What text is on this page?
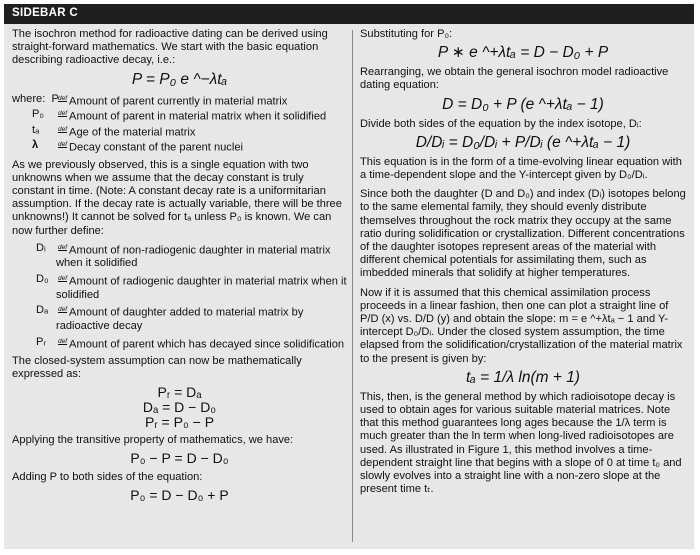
SIDEBAR C

The isochron method for radioactive dating can be derived using straight-forward mathematics. We start with the basic equation describing radioactive decay, i.e.:

P = P₀ e ^−λtₐ
where: P $^{def}$ Amount of parent currently in material matrix
P₀	$^{def}$ Amount of parent in material matrix when it solidified
tₐ	$^{def}$ Age of the material matrix
λ	$^{def}$ Decay constant of the parent nuclei

As we previously observed, this is a single equation with two unknowns when we assume that the decay constant is truly constant in time. (Note: A constant decay rate is a uniformitarian assumption. If the decay rate is actually variable, there will be three unknowns!) It cannot be solved for tₐ unless P₀ is known. We can now further define:

Dᵢ	$^{def}$ Amount of non-radiogenic daughter in material matrix when it solidified
D₀	$^{def}$ Amount of radiogenic daughter in material matrix when it solidified
Dₐ	$^{def}$ Amount of daughter added to material matrix by radioactive decay
Pᵣ	$^{def}$ Amount of parent which has decayed since solidification

The closed-system assumption can now be mathematically expressed as:

Pᵣ = Dₐ
Dₐ = D − D₀
Pᵣ = P₀ − P

Applying the transitive property of mathematics, we have:

P₀ − P = D − D₀

Adding P to both sides of the equation:

P₀ = D − D₀ + P

Substituting for P₀:

P ∗ e ^+λtₐ = D − D₀ + P

Rearranging, we obtain the general isochron model radioactive dating equation:

D = D₀ + P (e ^+λtₐ − 1)

Divide both sides of the equation by the index isotope, Dᵢ:

D/Dᵢ = D₀/Dᵢ + P/Dᵢ (e ^+λtₐ − 1)

This equation is in the form of a time-evolving linear equation with a time-dependent slope and the Y-intercept given by D₀/Dᵢ.

Since both the daughter (D and D₀) and index (Dᵢ) isotopes belong to the same elemental family, they should evenly distribute themselves throughout the rock matrix they occupy at the same ratio during solidification or crystallization. Different concentrations of the daughter isotopes represent areas of the material with different chemical potentials for assimilating them, such as imbedded minerals that solidify at higher temperatures.

Now if it is assumed that this chemical assimilation process proceeds in a linear fashion, then one can plot a straight line of P/D (x) vs. D/D (y) and obtain the slope: m = e ^+λtₐ − 1 and Y-intercept D₀/Dᵢ. Under the closed system assumption, the time elapsed from the solidification/crystallization of the material matrix to the present is given by:

tₐ = 1/λ ln(m + 1)

This, then, is the general method by which radioisotope decay is used to obtain ages for various suitable material matrices. Note that this method guarantees long ages because the 1/λ term is much greater than the ln term when long-lived radioisotopes are used. As illustrated in Figure 1, this method involves a time-dependent straight line that begins with a slope of 0 at time t₀ and slowly evolves into a straight line with a non-zero slope at the present time tₜ.
